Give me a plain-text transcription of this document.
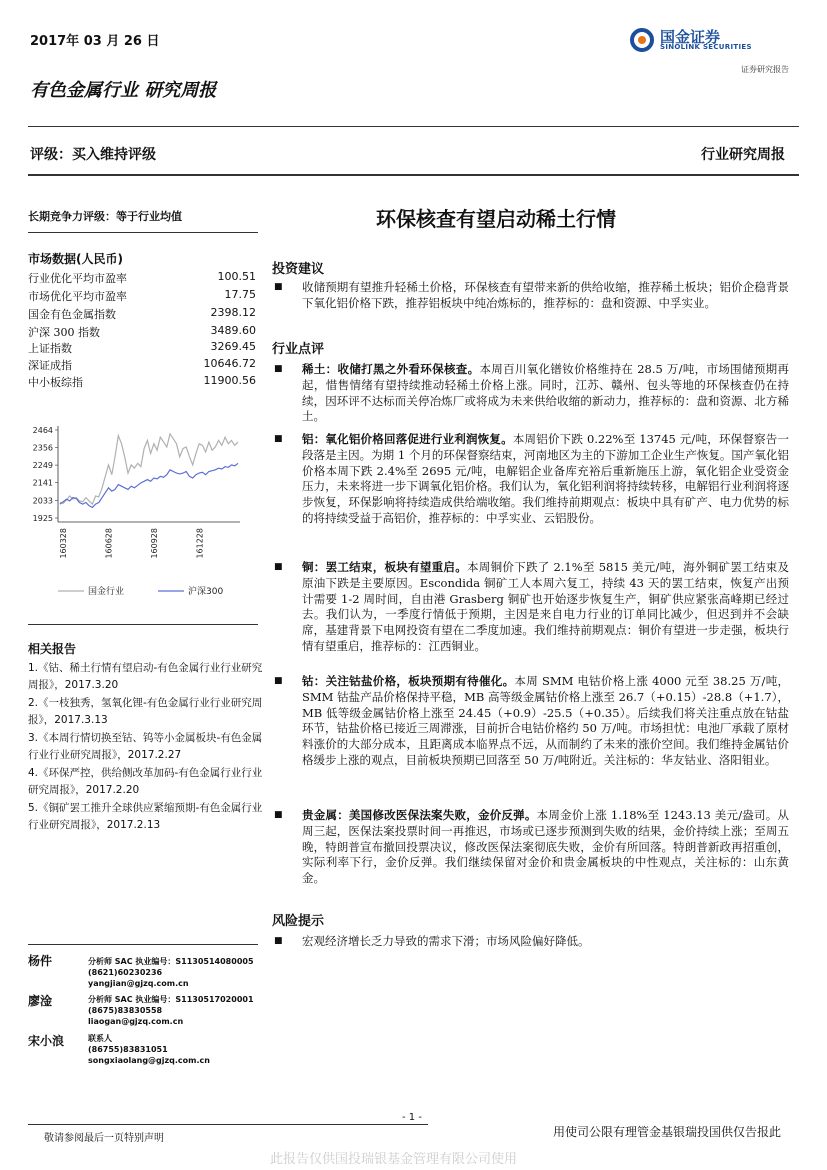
2017年 03 月 26 日	国金证券
SINOLINK SECURITIES
证券研究报告
有色金属行业 研究周报
评级：买入维持评级	行业研究周报
长期竞争力评级：等于行业均值
市场数据(人民币)
行业优化平均市盈率	100.51
市场优化平均市盈率	17.75
国金有色金属指数	2398.12
沪深 300 指数	3489.60
上证指数	3269.45
深证成指	10646.72
中小板综指	11900.56
2464
2356
2249
2141
2033
1925
160328	160628	160928	161228
国金行业	沪深300
相关报告
1.《钴、稀土行情有望启动-有色金属行业行业研究周报》，2017.3.20
2.《一枝独秀，氢氧化锂-有色金属行业行业研究周报》，2017.3.13
3.《本周行情切换至钴、钨等小金属板块-有色金属行业行业研究周报》，2017.2.27
4.《环保严控，供给侧改革加码-有色金属行业行业研究周报》，2017.2.20
5.《铜矿罢工推升全球供应紧缩预期-有色金属行业行业研究周报》，2017.2.13
杨件	分析师 SAC 执业编号：S1130514080005
(8621)60230236
yangjian@gjzq.com.cn
廖淦	分析师 SAC 执业编号：S1130517020001
(8675)83830558
liaogan@gjzq.com.cn
宋小浪	联系人
(86755)83831051
songxiaolang@gjzq.com.cn
环保核查有望启动稀土行情
投资建议
■	收储预期有望推升轻稀土价格，环保核查有望带来新的供给收缩，推荐稀土板块；铝价企稳背景下氧化铝价格下跌，推荐铝板块中纯冶炼标的，推荐标的：盘和资源、中孚实业。
行业点评
■	稀土：收储打黑之外看环保核查。本周百川氧化镨钕价格维持在 28.5 万/吨，市场围储预期再起，惜售情绪有望持续推动轻稀土价格上涨。同时，江苏、赣州、包头等地的环保核查仍在持续，因环评不达标而关停冶炼厂或将成为未来供给收缩的新动力，推荐标的：盘和资源、北方稀土。
■	铝：氧化铝价格回落促进行业利润恢复。本周铝价下跌 0.22%至 13745 元/吨，环保督察告一段落是主因。为期 1 个月的环保督察结束，河南地区为主的下游加工企业生产恢复。国产氧化铝价格本周下跌 2.4%至 2695 元/吨，电解铝企业备库充裕后重新施压上游，氧化铝企业受资金压力，未来将进一步下调氧化铝价格。我们认为，氧化铝利润将持续转移，电解铝行业利润将逐步恢复，环保影响将持续造成供给端收缩。我们维持前期观点：板块中具有矿产、电力优势的标的将持续受益于高铝价，推荐标的：中孚实业、云铝股份。
■	铜：罢工结束，板块有望重启。本周铜价下跌了 2.1%至 5815 美元/吨，海外铜矿罢工结束及原油下跌是主要原因。Escondida 铜矿工人本周六复工，持续 43 天的罢工结束，恢复产出预计需要 1-2 周时间，自由港 Grasberg 铜矿也开始逐步恢复生产，铜矿供应紧张高峰期已经过去。我们认为，一季度行情低于预期，主因是来自电力行业的订单同比减少，但迟到并不会缺席，基建背景下电网投资有望在二季度加速。我们维持前期观点：铜价有望进一步走强，板块行情有望重启，推荐标的：江西铜业。
■	钴：关注钴盐价格，板块预期有待催化。本周 SMM 电钴价格上涨 4000 元至 38.25 万/吨，SMM 钴盐产品价格保持平稳，MB 高等级金属钴价格上涨至 26.7（+0.15）-28.8（+1.7），MB 低等级金属钴价格上涨至 24.45（+0.9）-25.5（+0.35）。后续我们将关注重点放在钴盐环节，钴盐价格已接近三周滞涨，目前折合电钴价格约 50 万/吨。市场担忧：电池厂承载了原材料涨价的大部分成本，且距离成本临界点不远，从而制约了未来的涨价空间。我们维持金属钴价格缓步上涨的观点，目前板块预期已回落至 50 万/吨附近。关注标的：华友钴业、洛阳钼业。
■	贵金属：美国修改医保法案失败，金价反弹。本周金价上涨 1.18%至 1243.13 美元/盎司。从周三起，医保法案投票时间一再推迟，市场或已逐步预测到失败的结果，金价持续上涨；至周五晚，特朗普宣布撤回投票决议，修改医保法案彻底失败，金价有所回落。特朗普新政再招重创，实际利率下行，金价反弹。我们继续保留对金价和贵金属板块的中性观点，关注标的：山东黄金。
风险提示
■	宏观经济增长乏力导致的需求下滑；市场风险偏好降低。
- 1 -
敬请参阅最后一页特别声明	用使司公限有理管金基银瑞投国供仅告报此
此报告仅供国投瑞银基金管理有限公司使用
